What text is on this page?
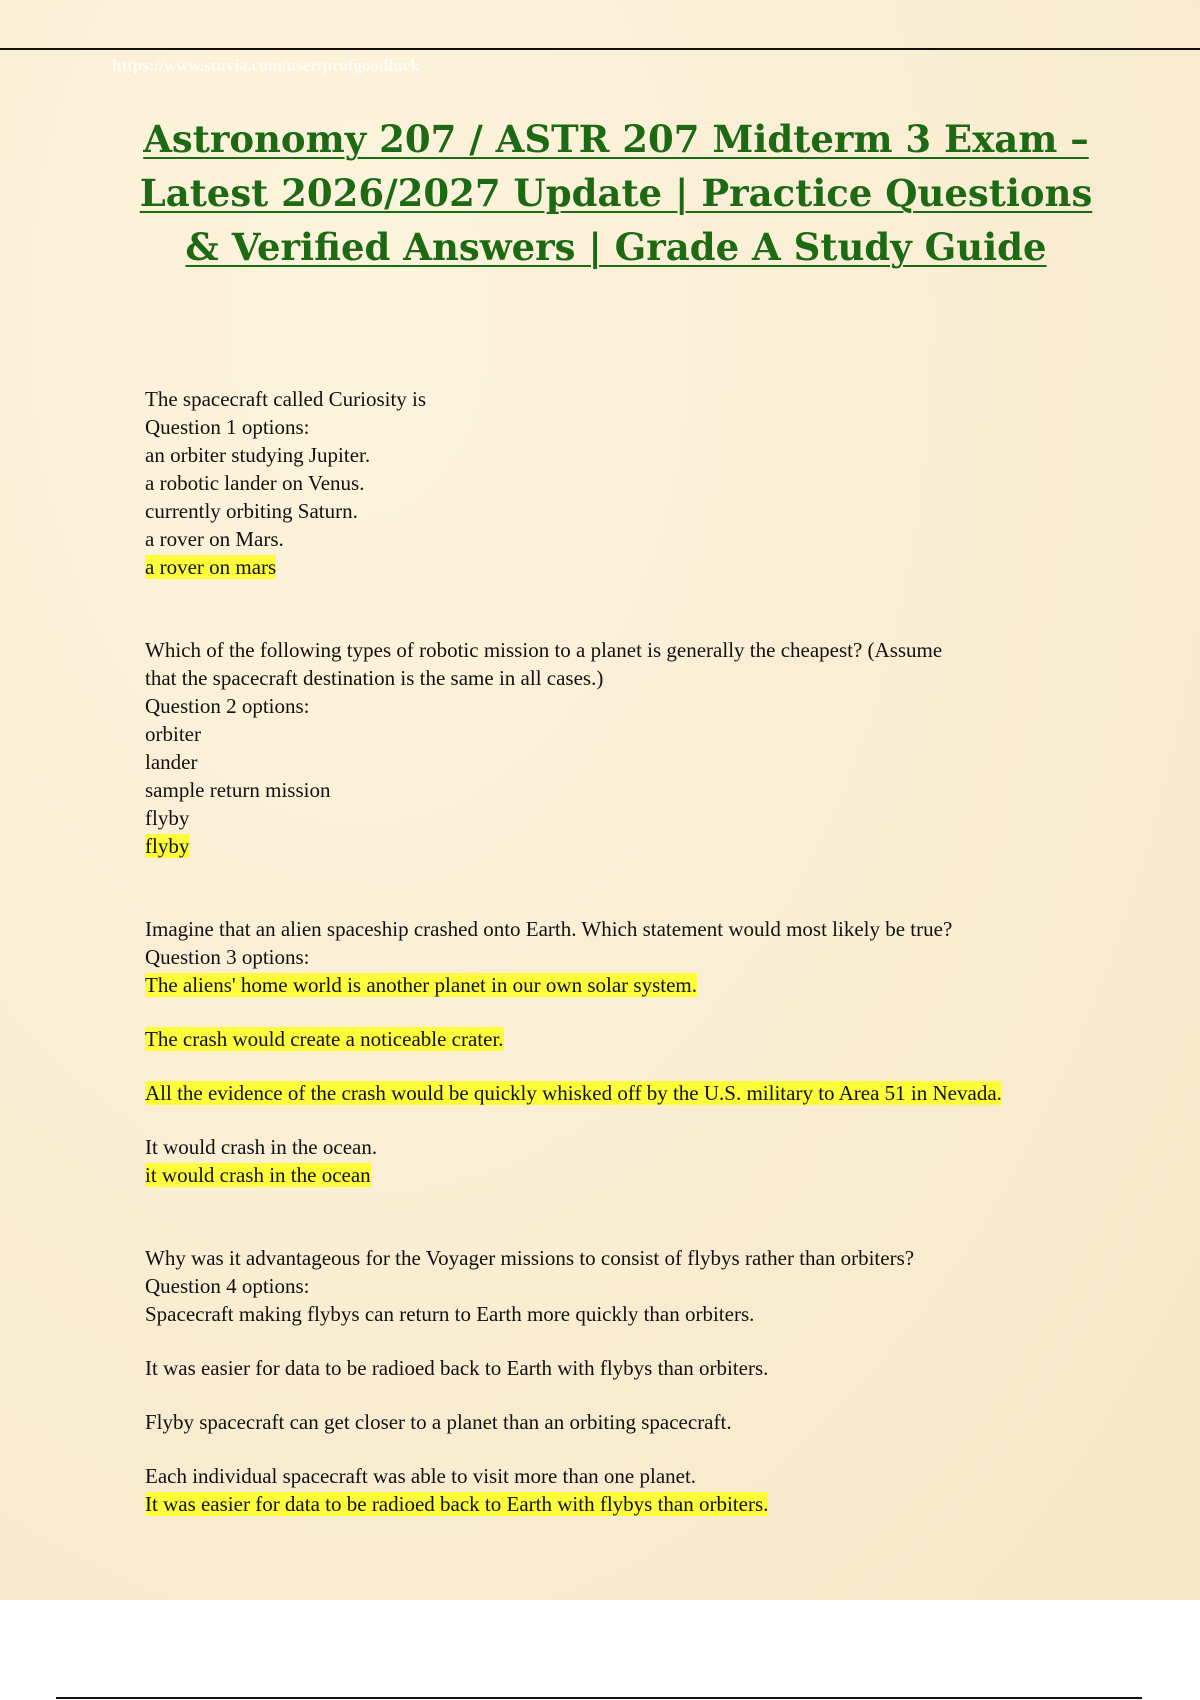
https://www.stuvia.com/user/profgoodluck
Astronomy 207 / ASTR 207 Midterm 3 Exam – Latest 2026/2027 Update | Practice Questions & Verified Answers | Grade A Study Guide
The spacecraft called Curiosity is
Question 1 options:
an orbiter studying Jupiter.
a robotic lander on Venus.
currently orbiting Saturn.
a rover on Mars.
a rover on mars
Which of the following types of robotic mission to a planet is generally the cheapest? (Assume
that the spacecraft destination is the same in all cases.)
Question 2 options:
orbiter
lander
sample return mission
flyby
flyby
Imagine that an alien spaceship crashed onto Earth. Which statement would most likely be true?
Question 3 options:
The aliens' home world is another planet in our own solar system.
The crash would create a noticeable crater.
All the evidence of the crash would be quickly whisked off by the U.S. military to Area 51 in Nevada.
It would crash in the ocean.
it would crash in the ocean
Why was it advantageous for the Voyager missions to consist of flybys rather than orbiters?
Question 4 options:
Spacecraft making flybys can return to Earth more quickly than orbiters.
It was easier for data to be radioed back to Earth with flybys than orbiters.
Flyby spacecraft can get closer to a planet than an orbiting spacecraft.
Each individual spacecraft was able to visit more than one planet.
It was easier for data to be radioed back to Earth with flybys than orbiters.
